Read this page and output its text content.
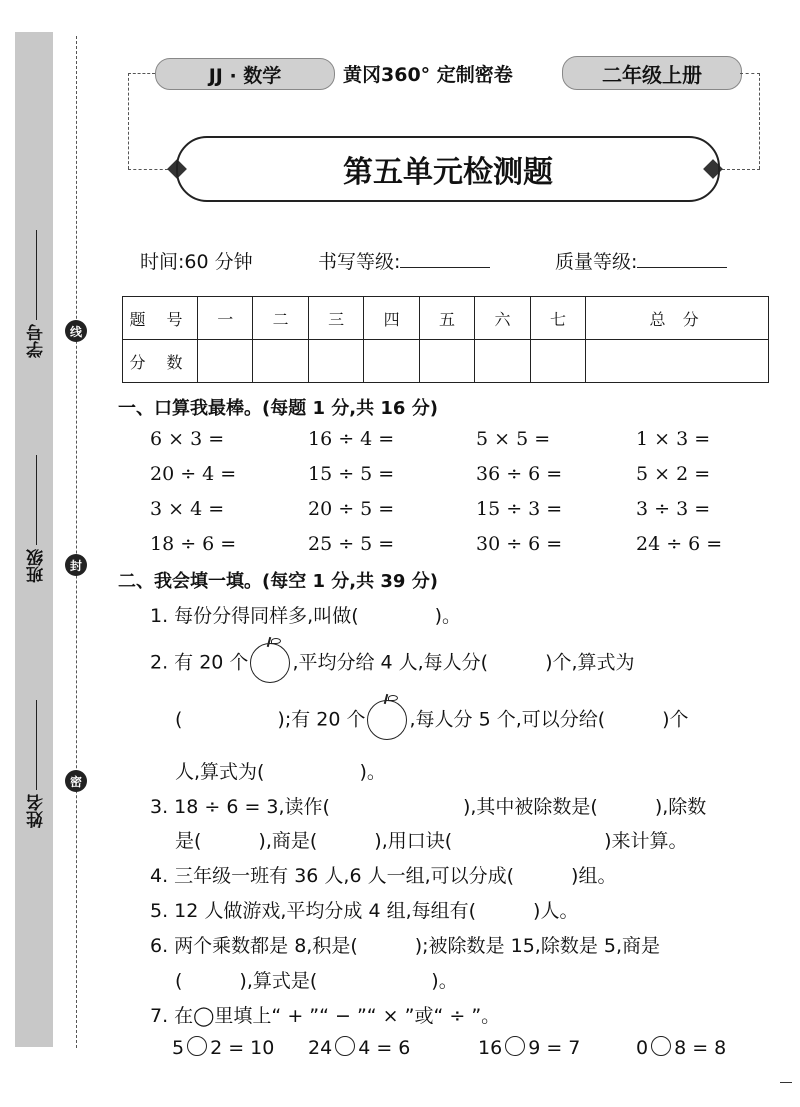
线
封
密
学号
班级
姓名
JJ · 数学	黄冈360° 定制密卷	二年级上册
第五单元检测题
时间:60 分钟	书写等级:	质量等级:
题 号	一	二	三	四	五	六	七	总 分
分 数								
一、口算我最棒。(每题 1 分,共 16 分)
6 × 3 =	16 ÷ 4 =	5 × 5 =	1 × 3 =
20 ÷ 4 =	15 ÷ 5 =	36 ÷ 6 =	5 × 2 =
3 × 4 =	20 ÷ 5 =	15 ÷ 3 =	3 ÷ 3 =
18 ÷ 6 =	25 ÷ 5 =	30 ÷ 6 =	24 ÷ 6 =
二、我会填一填。(每空 1 分,共 39 分)
1. 每份分得同样多,叫做(　　　　)。
2. 有 20 个 ,平均分给 4 人,每人分(　　　)个,算式为
(　　　　　);有 20 个 ,每人分 5 个,可以分给(　　　)个
人,算式为(　　　　　)。
3. 18 ÷ 6 = 3,读作(　　　　　　　),其中被除数是(　　　),除数
是(　　　),商是(　　　),用口诀(　　　　　　　　)来计算。
4. 三年级一班有 36 人,6 人一组,可以分成(　　　)组。
5. 12 人做游戏,平均分成 4 组,每组有(　　　)人。
6. 两个乘数都是 8,积是(　　　);被除数是 15,除数是 5,商是
(　　　),算式是(　　　　　　)。
7. 在◯里填上“ + ”“ − ”“ × ”或“ ÷ ”。
5 2 = 10 24 4 = 6	16 9 = 7	0 8 = 8
